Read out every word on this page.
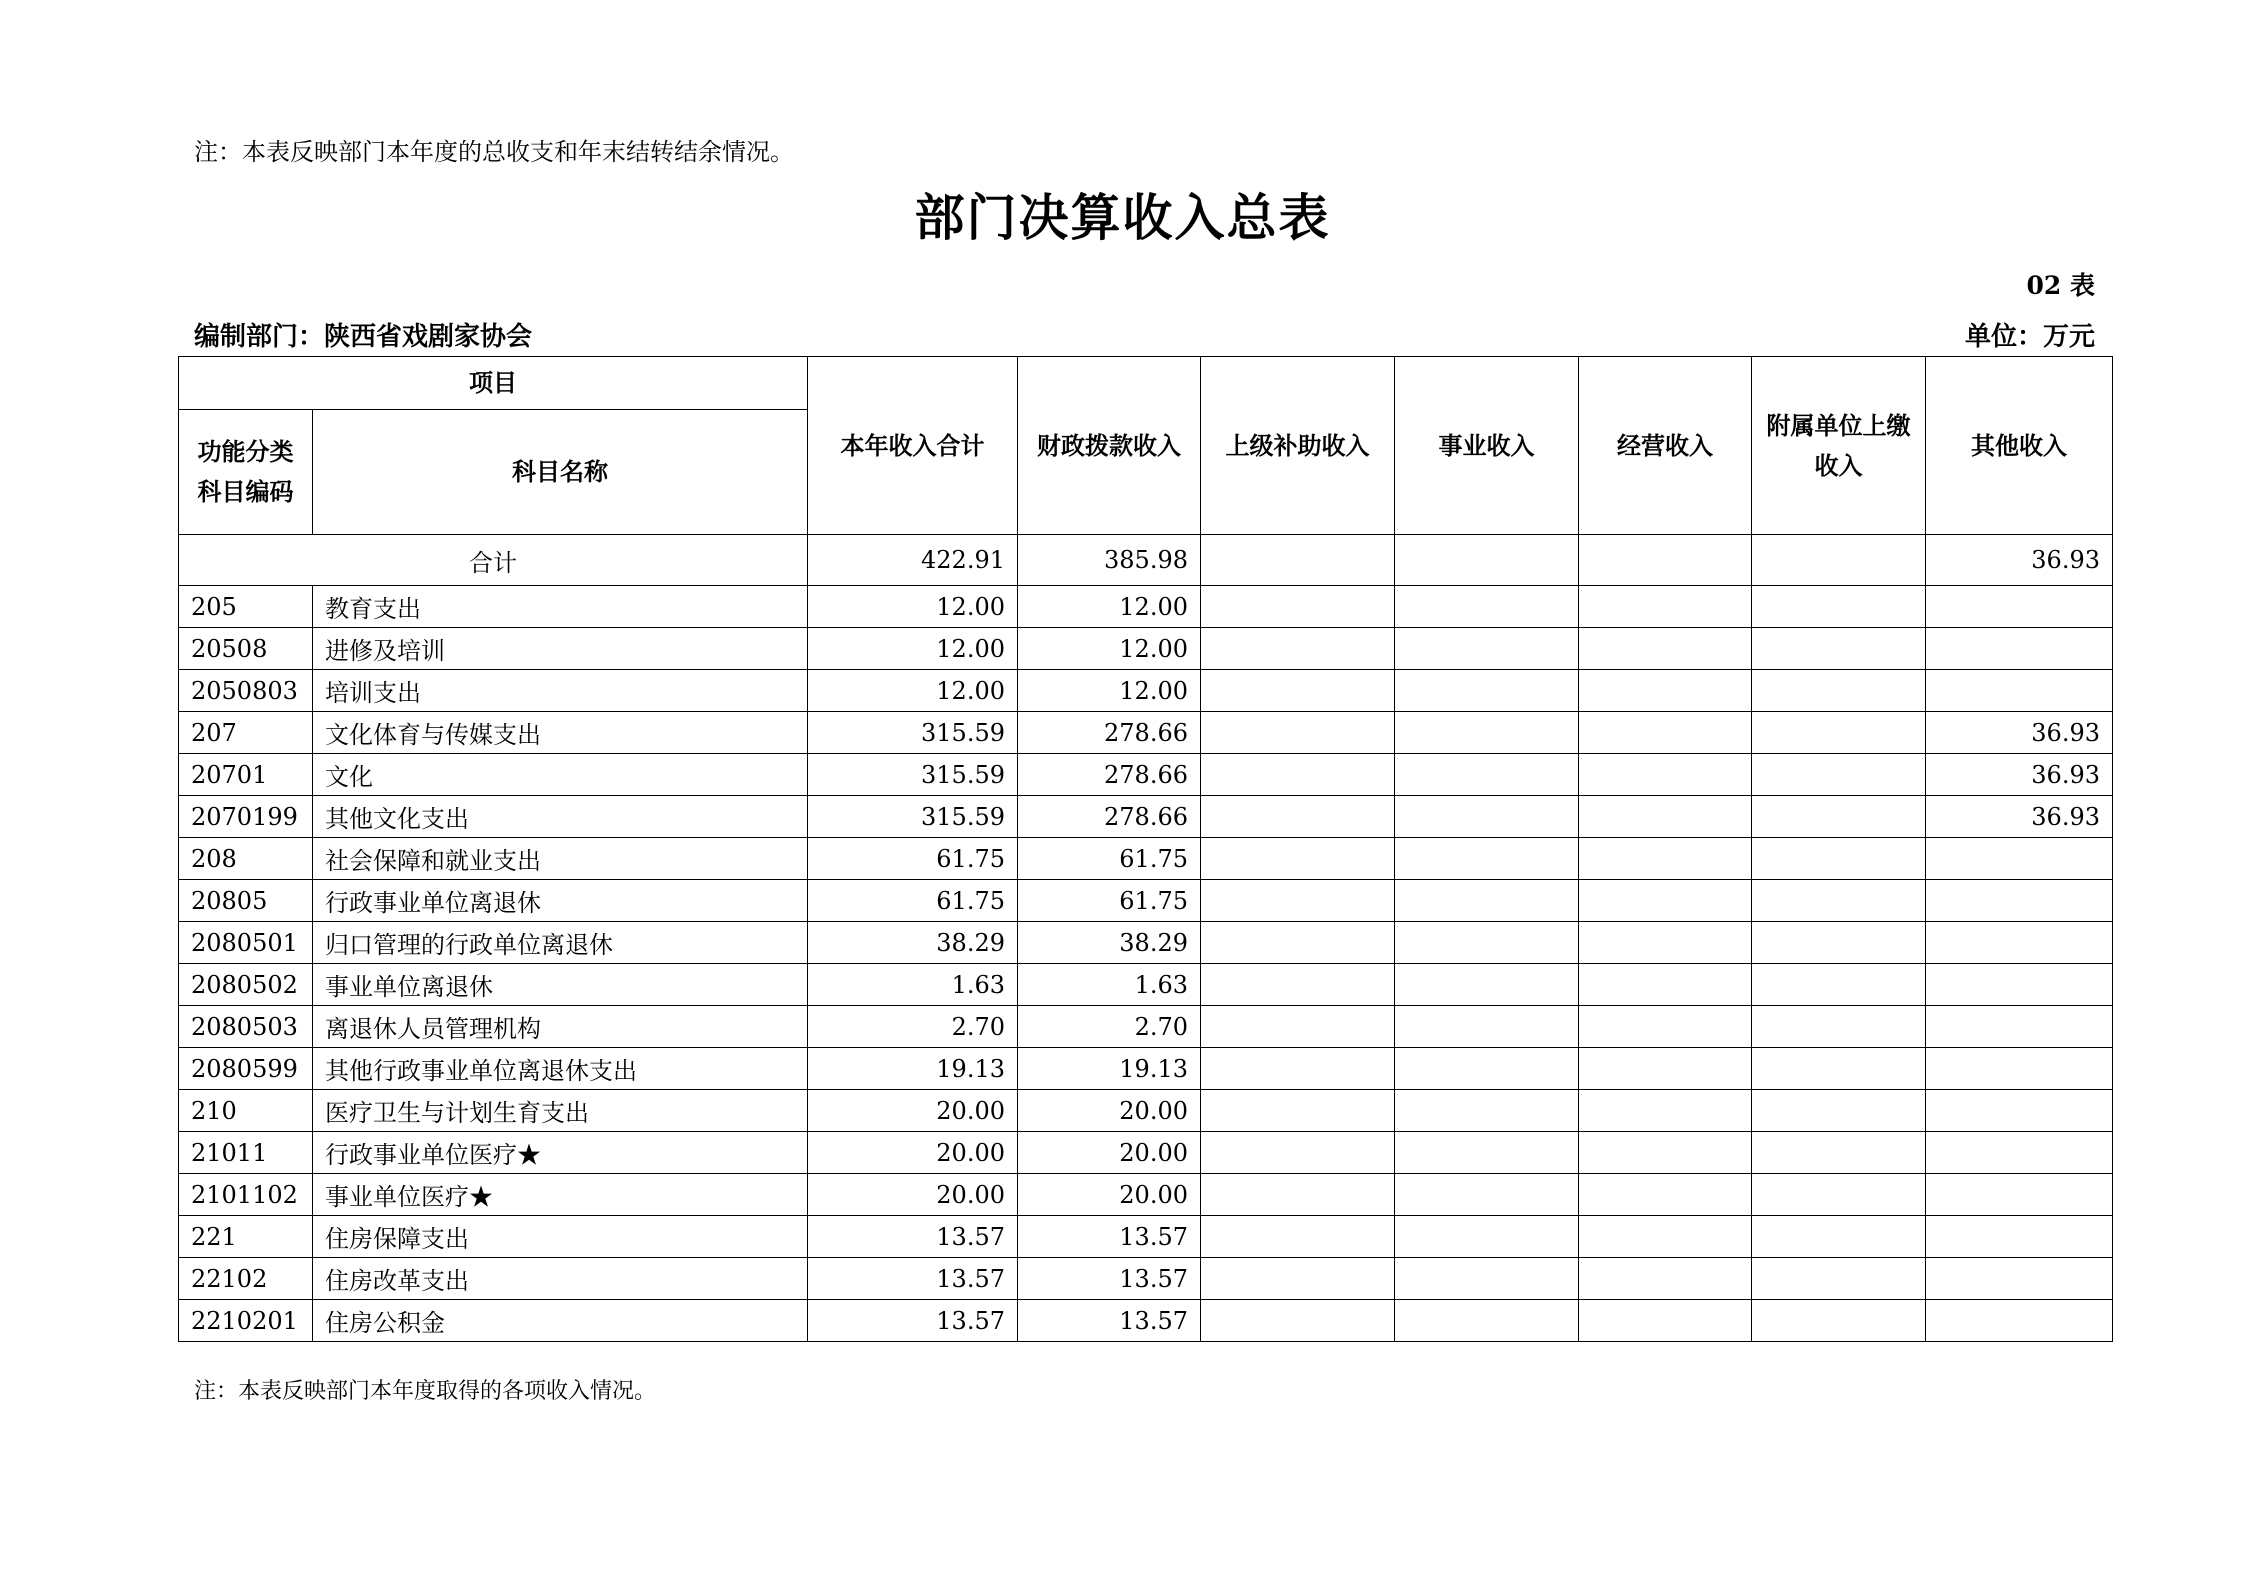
注：本表反映部门本年度的总收支和年末结转结余情况。
部门决算收入总表
02 表
编制部门：陕西省戏剧家协会	单位：万元
项目		本年收入合计	财政拨款收入	上级补助收入	事业收入	经营收入	附属单位上缴收入	其他收入
功能分类科目编码	科目名称							
合计		422.91	385.98					36.93
205	教育支出	12.00	12.00					
20508	进修及培训	12.00	12.00					
2050803	培训支出	12.00	12.00					
207	文化体育与传媒支出	315.59	278.66					36.93
20701	文化	315.59	278.66					36.93
2070199	其他文化支出	315.59	278.66					36.93
208	社会保障和就业支出	61.75	61.75					
20805	行政事业单位离退休	61.75	61.75					
2080501	归口管理的行政单位离退休	38.29	38.29					
2080502	事业单位离退休	1.63	1.63					
2080503	离退休人员管理机构	2.70	2.70					
2080599	其他行政事业单位离退休支出	19.13	19.13					
210	医疗卫生与计划生育支出	20.00	20.00					
21011	行政事业单位医疗★	20.00	20.00					
2101102	事业单位医疗★	20.00	20.00					
221	住房保障支出	13.57	13.57					
22102	住房改革支出	13.57	13.57					
2210201	住房公积金	13.57	13.57					
注：本表反映部门本年度取得的各项收入情况。
